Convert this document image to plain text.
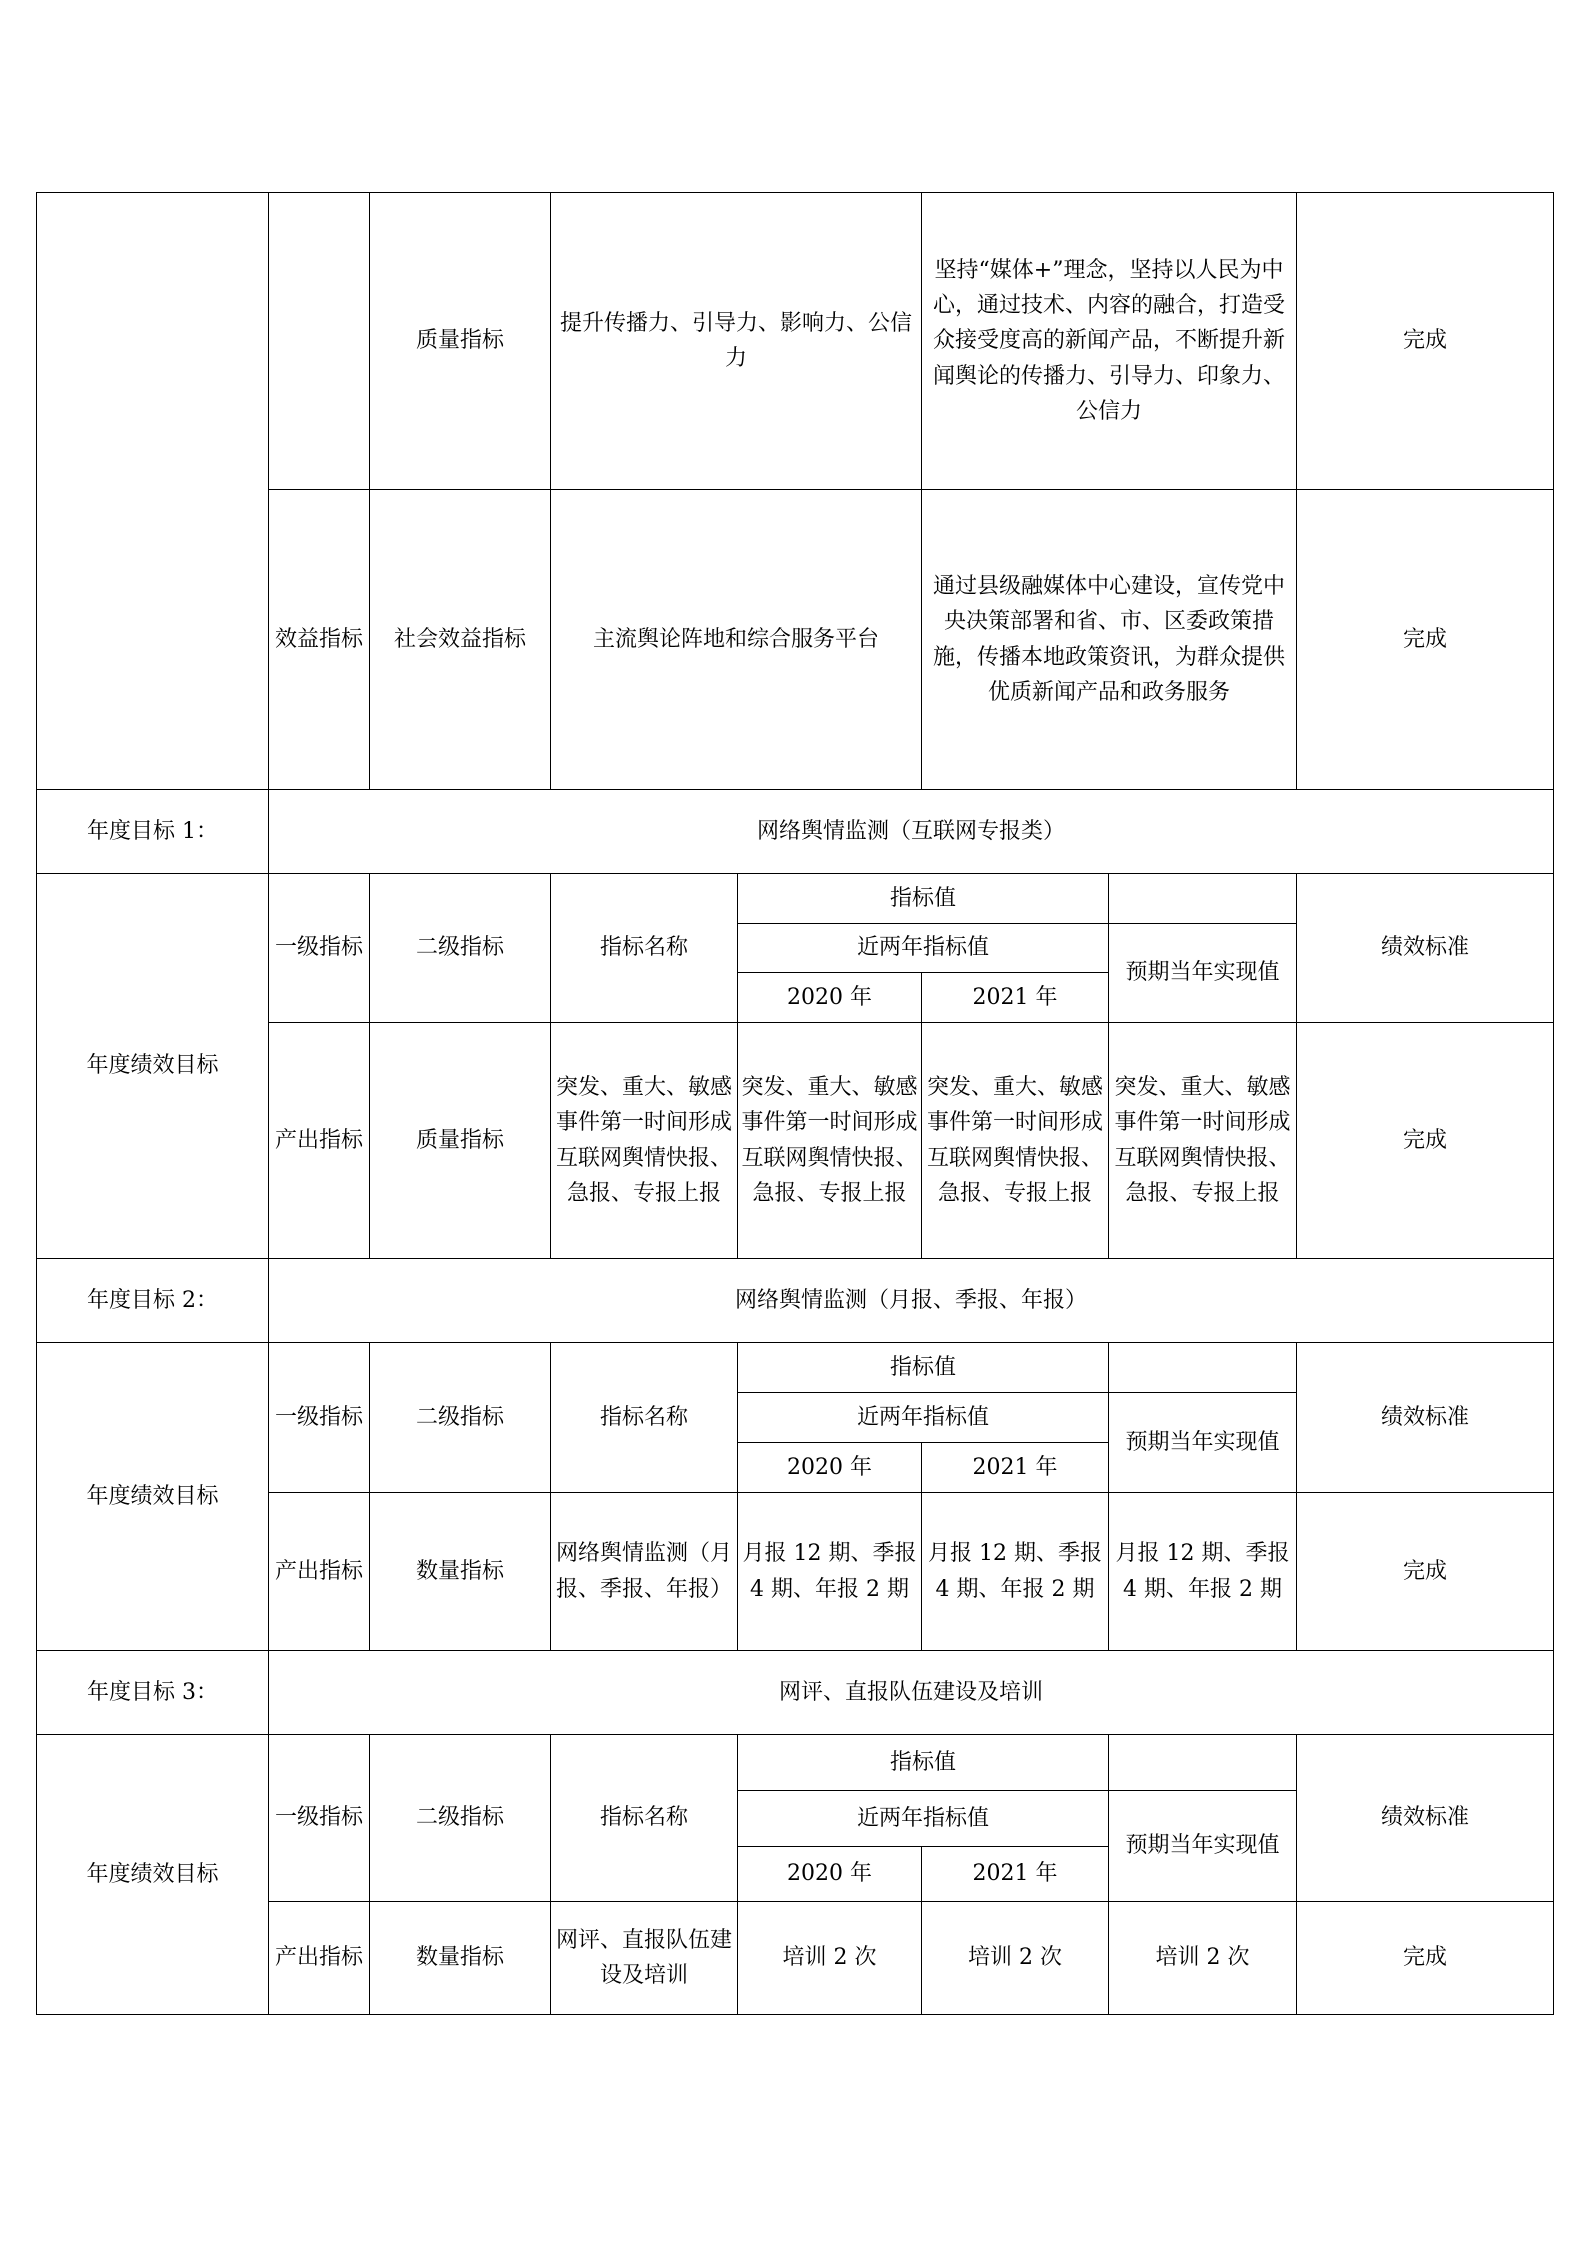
		质量指标	提升传播力、引导力、影响力、公信力		坚持“媒体+”理念，坚持以人民为中心，通过技术、内容的融合，打造受众接受度高的新闻产品，不断提升新闻舆论的传播力、引导力、印象力、公信力		完成
	效益指标	社会效益指标	主流舆论阵地和综合服务平台		通过县级融媒体中心建设，宣传党中央决策部署和省、市、区委政策措施，传播本地政策资讯，为群众提供优质新闻产品和政务服务		完成
年度目标 1：	网络舆情监测（互联网专报类）						
年度绩效目标	一级指标	二级指标	指标名称	指标值			绩效标准
				近两年指标值		预期当年实现值	
				2020 年	2021 年		
	产出指标	质量指标	突发、重大、敏感事件第一时间形成互联网舆情快报、急报、专报上报	突发、重大、敏感事件第一时间形成互联网舆情快报、急报、专报上报	突发、重大、敏感事件第一时间形成互联网舆情快报、急报、专报上报	突发、重大、敏感事件第一时间形成互联网舆情快报、急报、专报上报	完成
年度目标 2：	网络舆情监测（月报、季报、年报）						
年度绩效目标	一级指标	二级指标	指标名称	指标值			绩效标准
				近两年指标值		预期当年实现值	
				2020 年	2021 年		
	产出指标	数量指标	网络舆情监测（月报、季报、年报）	月报 12 期、季报 4 期、年报 2 期	月报 12 期、季报 4 期、年报 2 期	月报 12 期、季报 4 期、年报 2 期	完成
年度目标 3：	网评、直报队伍建设及培训						
年度绩效目标	一级指标	二级指标	指标名称	指标值			绩效标准
				近两年指标值		预期当年实现值	
				2020 年	2021 年		
	产出指标	数量指标	网评、直报队伍建设及培训	培训 2 次	培训 2 次	培训 2 次	完成
